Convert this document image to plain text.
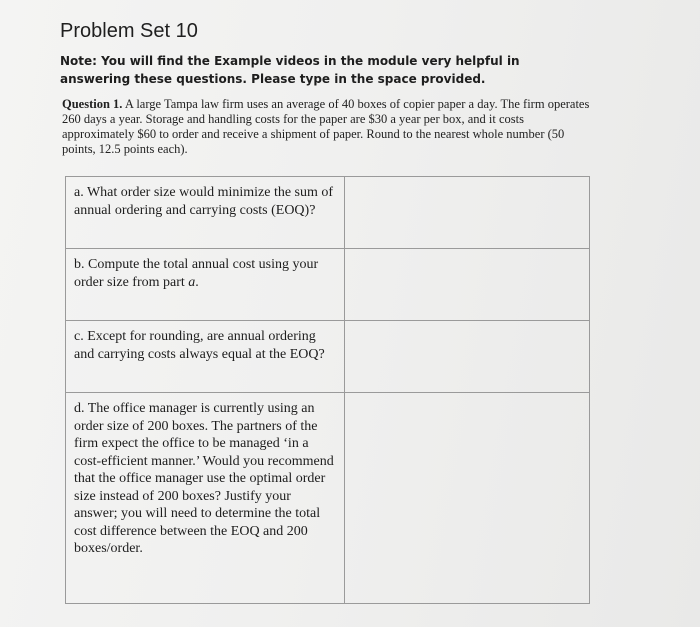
Problem Set 10
Note: You will find the Example videos in the module very helpful in answering these questions. Please type in the space provided.
Question 1. A large Tampa law firm uses an average of 40 boxes of copier paper a day. The firm operates 260 days a year. Storage and handling costs for the paper are $30 a year per box, and it costs approximately $60 to order and receive a shipment of paper. Round to the nearest whole number (50 points, 12.5 points each).
a. What order size would minimize the sum of annual ordering and carrying costs (EOQ)?	
b. Compute the total annual cost using your order size from part a.	
c. Except for rounding, are annual ordering and carrying costs always equal at the EOQ?	
d. The office manager is currently using an order size of 200 boxes. The partners of the firm expect the office to be managed ‘in a cost-efficient manner.’ Would you recommend that the office manager use the optimal order size instead of 200 boxes? Justify your answer; you will need to determine the total cost difference between the EOQ and 200 boxes/order.	
